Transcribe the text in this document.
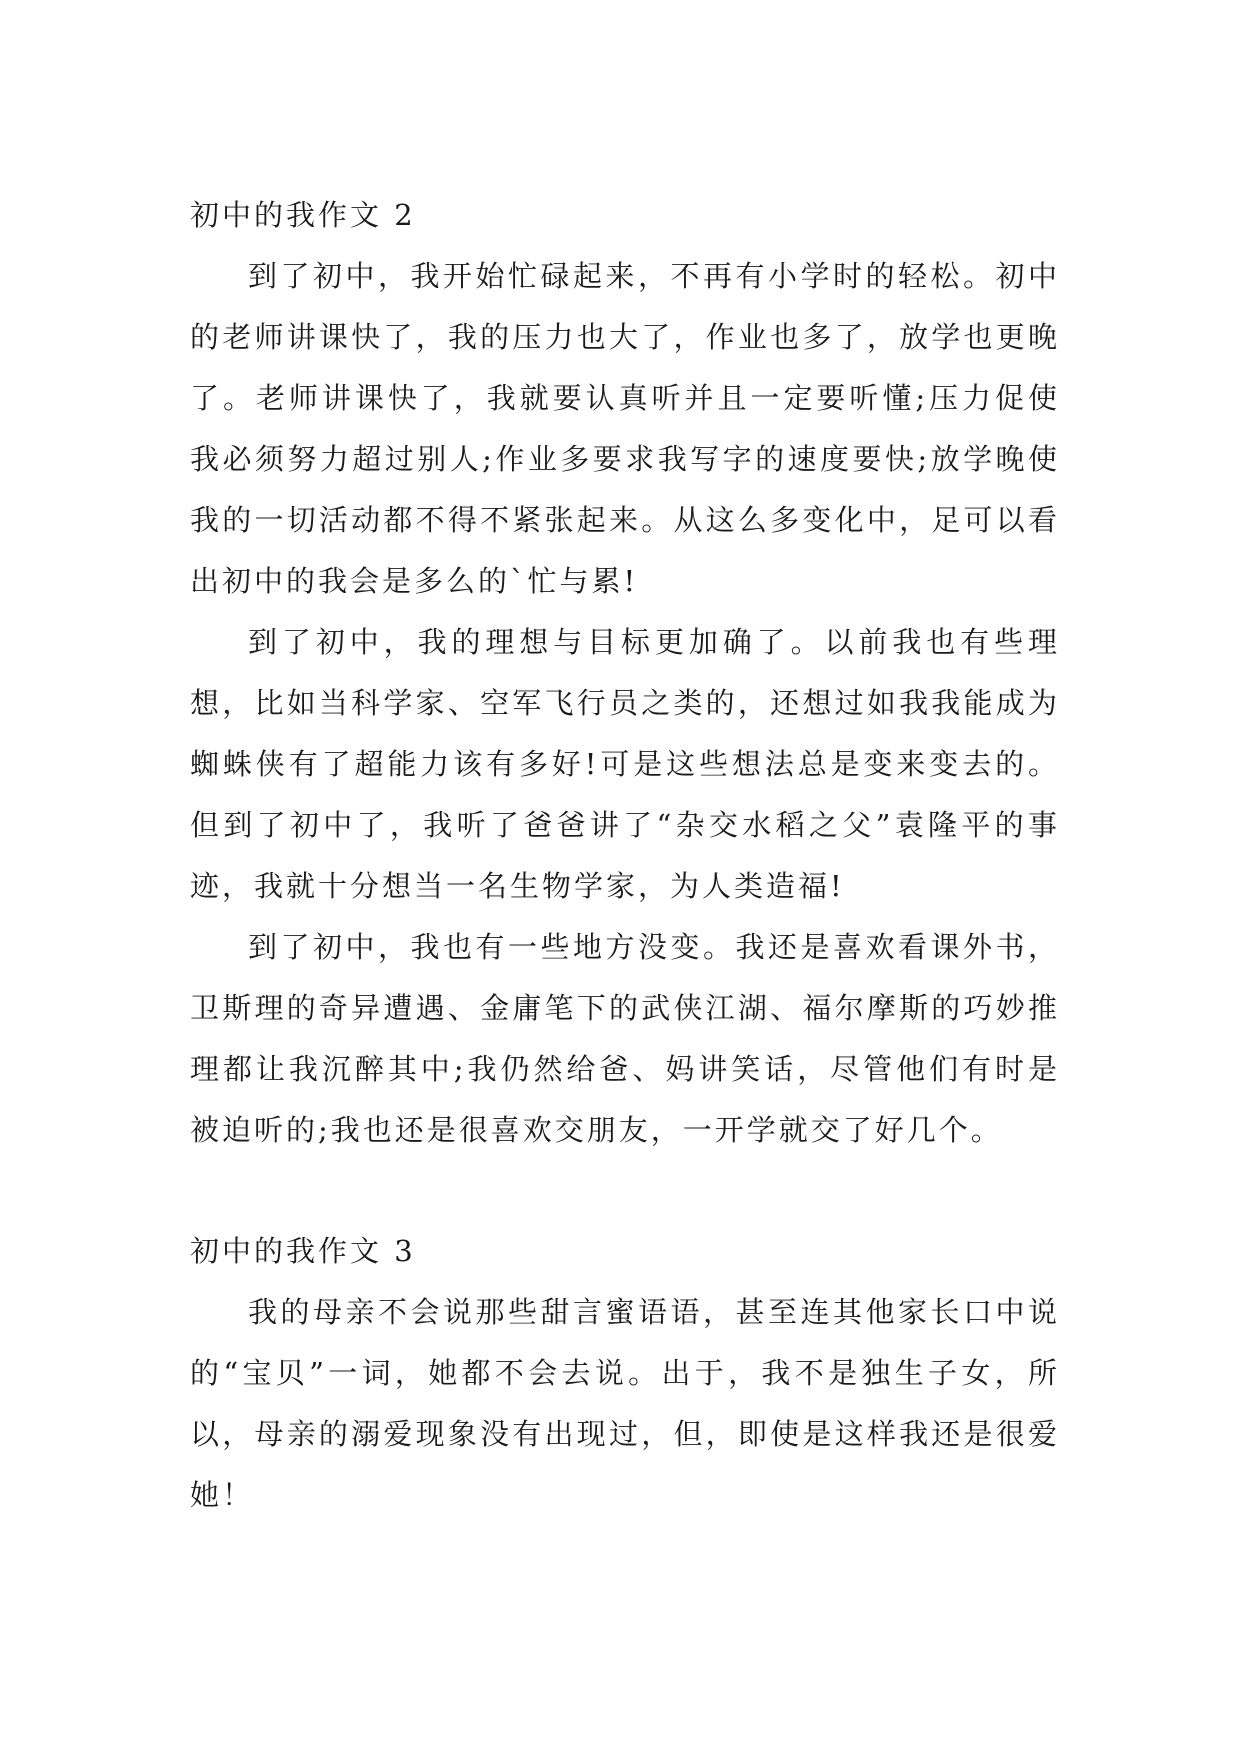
初中的我作文 2

到了初中，我开始忙碌起来，不再有小学时的轻松。初中的老师讲课快了，我的压力也大了，作业也多了，放学也更晚了。老师讲课快了，我就要认真听并且一定要听懂;压力促使我必须努力超过别人;作业多要求我写字的速度要快;放学晚使我的一切活动都不得不紧张起来。从这么多变化中，足可以看出初中的我会是多么的`忙与累!

到了初中，我的理想与目标更加确了。以前我也有些理想，比如当科学家、空军飞行员之类的，还想过如我我能成为蜘蛛侠有了超能力该有多好!可是这些想法总是变来变去的。但到了初中了，我听了爸爸讲了“杂交水稻之父”袁隆平的事迹，我就十分想当一名生物学家，为人类造福!

到了初中，我也有一些地方没变。我还是喜欢看课外书，卫斯理的奇异遭遇、金庸笔下的武侠江湖、福尔摩斯的巧妙推理都让我沉醉其中;我仍然给爸、妈讲笑话，尽管他们有时是被迫听的;我也还是很喜欢交朋友，一开学就交了好几个。

初中的我作文 3

我的母亲不会说那些甜言蜜语语，甚至连其他家长口中说的“宝贝”一词，她都不会去说。出于，我不是独生子女，所以，母亲的溺爱现象没有出现过，但，即使是这样我还是很爱她！
